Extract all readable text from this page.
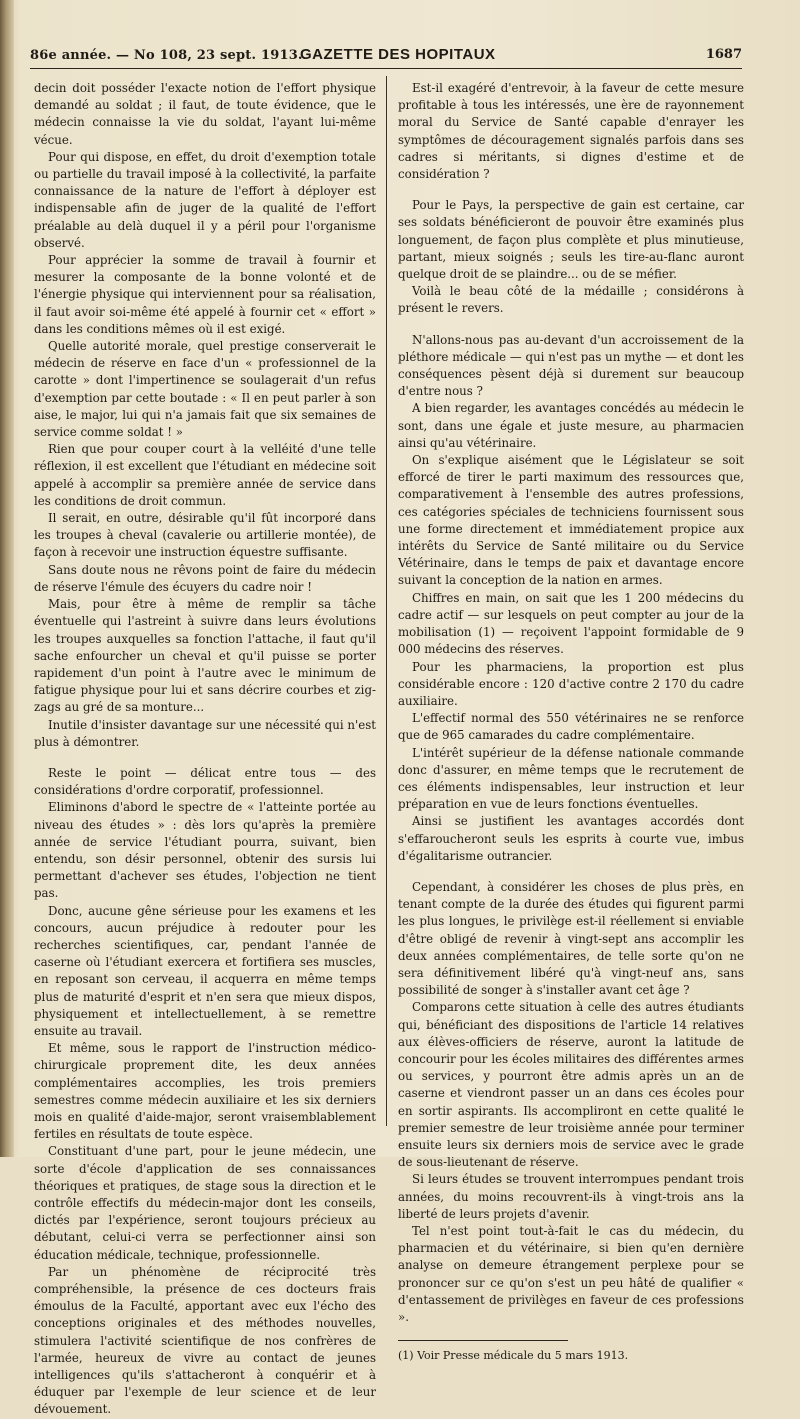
86e année. — No 108, 23 sept. 1913.
GAZETTE DES HOPITAUX	1687

decin doit posséder l'exacte notion de l'effort physique demandé au soldat ; il faut, de toute évidence, que le médecin connaisse la vie du soldat, l'ayant lui-même vécue.

Pour qui dispose, en effet, du droit d'exemption totale ou partielle du travail imposé à la collectivité, la parfaite connaissance de la nature de l'effort à déployer est indispensable afin de juger de la qualité de l'effort préalable au delà duquel il y a péril pour l'organisme observé.

Pour apprécier la somme de travail à fournir et mesurer la composante de la bonne volonté et de l'énergie physique qui interviennent pour sa réalisation, il faut avoir soi-même été appelé à fournir cet « effort » dans les conditions mêmes où il est exigé.

Quelle autorité morale, quel prestige conserverait le médecin de réserve en face d'un « professionnel de la carotte » dont l'impertinence se soulagerait d'un refus d'exemption par cette boutade : « Il en peut parler à son aise, le major, lui qui n'a jamais fait que six semaines de service comme soldat ! »

Rien que pour couper court à la velléité d'une telle réflexion, il est excellent que l'étudiant en médecine soit appelé à accomplir sa première année de service dans les conditions de droit commun.

Il serait, en outre, désirable qu'il fût incorporé dans les troupes à cheval (cavalerie ou artillerie montée), de façon à recevoir une instruction équestre suffisante.

Sans doute nous ne rêvons point de faire du médecin de réserve l'émule des écuyers du cadre noir !

Mais, pour être à même de remplir sa tâche éventuelle qui l'astreint à suivre dans leurs évolutions les troupes auxquelles sa fonction l'attache, il faut qu'il sache enfourcher un cheval et qu'il puisse se porter rapidement d'un point à l'autre avec le minimum de fatigue physique pour lui et sans décrire courbes et zig-zags au gré de sa monture...

Inutile d'insister davantage sur une nécessité qui n'est plus à démontrer.

Reste le point — délicat entre tous — des considérations d'ordre corporatif, professionnel.

Eliminons d'abord le spectre de « l'atteinte portée au niveau des études » : dès lors qu'après la première année de service l'étudiant pourra, suivant, bien entendu, son désir personnel, obtenir des sursis lui permettant d'achever ses études, l'objection ne tient pas.

Donc, aucune gêne sérieuse pour les examens et les concours, aucun préjudice à redouter pour les recherches scientifiques, car, pendant l'année de caserne où l'étudiant exercera et fortifiera ses muscles, en reposant son cerveau, il acquerra en même temps plus de maturité d'esprit et n'en sera que mieux dispos, physiquement et intellectuellement, à se remettre ensuite au travail.

Et même, sous le rapport de l'instruction médico-chirurgicale proprement dite, les deux années complémentaires accomplies, les trois premiers semestres comme médecin auxiliaire et les six derniers mois en qualité d'aide-major, seront vraisemblablement fertiles en résultats de toute espèce.

Constituant d'une part, pour le jeune médecin, une sorte d'école d'application de ses connaissances théoriques et pratiques, de stage sous la direction et le contrôle effectifs du médecin-major dont les conseils, dictés par l'expérience, seront toujours précieux au débutant, celui-ci verra se perfectionner ainsi son éducation médicale, technique, professionnelle.

Par un phénomène de réciprocité très compréhensible, la présence de ces docteurs frais émoulus de la Faculté, apportant avec eux l'écho des conceptions originales et des méthodes nouvelles, stimulera l'activité scientifique de nos confrères de l'armée, heureux de vivre au contact de jeunes intelligences qu'ils s'attacheront à conquérir et à éduquer par l'exemple de leur science et de leur dévouement.

Est-il exagéré d'entrevoir, à la faveur de cette mesure profitable à tous les intéressés, une ère de rayonnement moral du Service de Santé capable d'enrayer les symptômes de découragement signalés parfois dans ses cadres si méritants, si dignes d'estime et de considération ?

Pour le Pays, la perspective de gain est certaine, car ses soldats bénéficieront de pouvoir être examinés plus longuement, de façon plus complète et plus minutieuse, partant, mieux soignés ; seuls les tire-au-flanc auront quelque droit de se plaindre... ou de se méfier.

Voilà le beau côté de la médaille ; considérons à présent le revers.

N'allons-nous pas au-devant d'un accroissement de la pléthore médicale — qui n'est pas un mythe — et dont les conséquences pèsent déjà si durement sur beaucoup d'entre nous ?

A bien regarder, les avantages concédés au médecin le sont, dans une égale et juste mesure, au pharmacien ainsi qu'au vétérinaire.

On s'explique aisément que le Législateur se soit efforcé de tirer le parti maximum des ressources que, comparativement à l'ensemble des autres professions, ces catégories spéciales de techniciens fournissent sous une forme directement et immédiatement propice aux intérêts du Service de Santé militaire ou du Service Vétérinaire, dans le temps de paix et davantage encore suivant la conception de la nation en armes.

Chiffres en main, on sait que les 1 200 médecins du cadre actif — sur lesquels on peut compter au jour de la mobilisation (1) — reçoivent l'appoint formidable de 9 000 médecins des réserves.

Pour les pharmaciens, la proportion est plus considérable encore : 120 d'active contre 2 170 du cadre auxiliaire.

L'effectif normal des 550 vétérinaires ne se renforce que de 965 camarades du cadre complémentaire.

L'intérêt supérieur de la défense nationale commande donc d'assurer, en même temps que le recrutement de ces éléments indispensables, leur instruction et leur préparation en vue de leurs fonctions éventuelles.

Ainsi se justifient les avantages accordés dont s'effaroucheront seuls les esprits à courte vue, imbus d'égalitarisme outrancier.

Cependant, à considérer les choses de plus près, en tenant compte de la durée des études qui figurent parmi les plus longues, le privilège est-il réellement si enviable d'être obligé de revenir à vingt-sept ans accomplir les deux années complémentaires, de telle sorte qu'on ne sera définitivement libéré qu'à vingt-neuf ans, sans possibilité de songer à s'installer avant cet âge ?

Comparons cette situation à celle des autres étudiants qui, bénéficiant des dispositions de l'article 14 relatives aux élèves-officiers de réserve, auront la latitude de concourir pour les écoles militaires des différentes armes ou services, y pourront être admis après un an de caserne et viendront passer un an dans ces écoles pour en sortir aspirants. Ils accompliront en cette qualité le premier semestre de leur troisième année pour terminer ensuite leurs six derniers mois de service avec le grade de sous-lieutenant de réserve.

Si leurs études se trouvent interrompues pendant trois années, du moins recouvrent-ils à vingt-trois ans la liberté de leurs projets d'avenir.

Tel n'est point tout-à-fait le cas du médecin, du pharmacien et du vétérinaire, si bien qu'en dernière analyse on demeure étrangement perplexe pour se prononcer sur ce qu'on s'est un peu hâté de qualifier « d'entassement de privilèges en faveur de ces professions ».

(1) Voir Presse médicale du 5 mars 1913.
